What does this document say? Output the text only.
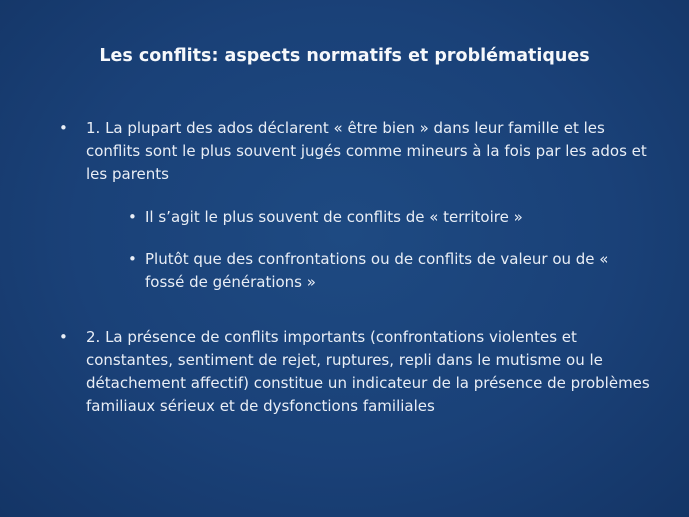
Les conflits: aspects normatifs et problématiques
• 1. La plupart des ados déclarent « être bien » dans leur famille et les conflits sont le plus souvent jugés comme mineurs à la fois par les ados et les parents
• Il s’agit le plus souvent de conflits de « territoire »
• Plutôt que des confrontations ou de conflits de valeur ou de « fossé de générations »
• 2. La présence de conflits importants (confrontations violentes et constantes, sentiment de rejet, ruptures, repli dans le mutisme ou le détachement affectif) constitue un indicateur de la présence de problèmes familiaux sérieux et de dysfonctions familiales
